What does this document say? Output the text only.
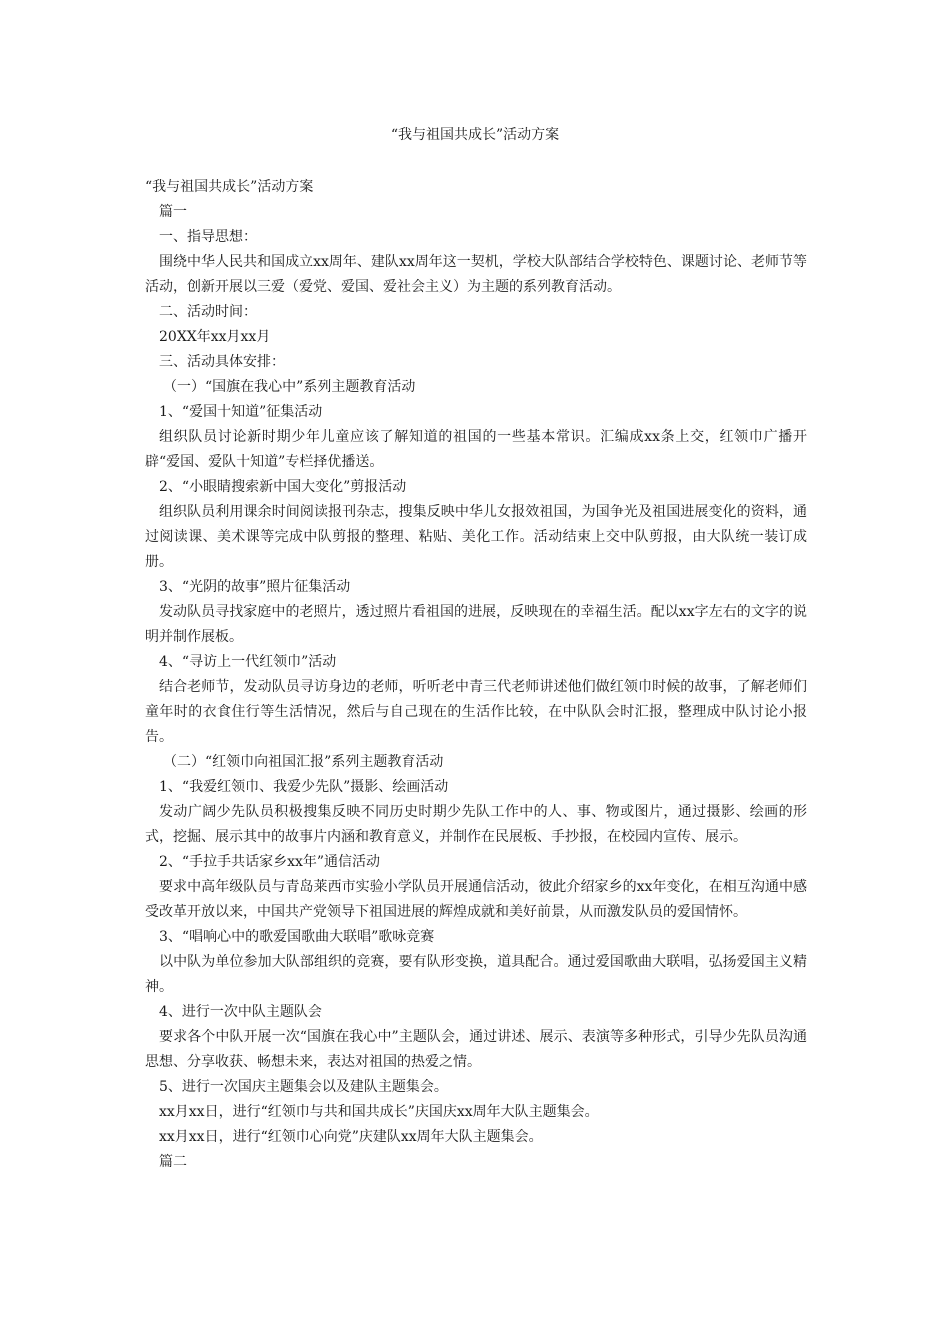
“我与祖国共成长”活动方案

“我与祖国共成长”活动方案

篇一

一、指导思想：

围绕中华人民共和国成立xx周年、建队xx周年这一契机，学校大队部结合学校特色、课题讨论、老师节等活动，创新开展以三爱（爱党、爱国、爱社会主义）为主题的系列教育活动。

二、活动时间：

20XX年xx月xx月

三、活动具体安排：

（一）“国旗在我心中”系列主题教育活动

1、“爱国十知道”征集活动

组织队员讨论新时期少年儿童应该了解知道的祖国的一些基本常识。汇编成xx条上交，红领巾广播开辟“爱国、爱队十知道”专栏择优播送。

2、“小眼睛搜索新中国大变化”剪报活动

组织队员利用课余时间阅读报刊杂志，搜集反映中华儿女报效祖国，为国争光及祖国进展变化的资料，通过阅读课、美术课等完成中队剪报的整理、粘贴、美化工作。活动结束上交中队剪报，由大队统一装订成册。

3、“光阴的故事”照片征集活动

发动队员寻找家庭中的老照片，透过照片看祖国的进展，反映现在的幸福生活。配以xx字左右的文字的说明并制作展板。

4、“寻访上一代红领巾”活动

结合老师节，发动队员寻访身边的老师，听听老中青三代老师讲述他们做红领巾时候的故事，了解老师们童年时的衣食住行等生活情况，然后与自己现在的生活作比较，在中队队会时汇报，整理成中队讨论小报告。

（二）“红领巾向祖国汇报”系列主题教育活动

1、“我爱红领巾、我爱少先队”摄影、绘画活动

发动广阔少先队员积极搜集反映不同历史时期少先队工作中的人、事、物或图片，通过摄影、绘画的形式，挖掘、展示其中的故事片内涵和教育意义，并制作在民展板、手抄报，在校园内宣传、展示。

2、“手拉手共话家乡xx年”通信活动

要求中高年级队员与青岛莱西市实验小学队员开展通信活动，彼此介绍家乡的xx年变化，在相互沟通中感受改革开放以来，中国共产党领导下祖国进展的辉煌成就和美好前景，从而激发队员的爱国情怀。

3、“唱响心中的歌爱国歌曲大联唱”歌咏竞赛

以中队为单位参加大队部组织的竞赛，要有队形变换，道具配合。通过爱国歌曲大联唱，弘扬爱国主义精神。

4、进行一次中队主题队会

要求各个中队开展一次“国旗在我心中”主题队会，通过讲述、展示、表演等多种形式，引导少先队员沟通思想、分享收获、畅想未来，表达对祖国的热爱之情。

5、进行一次国庆主题集会以及建队主题集会。

xx月xx日，进行“红领巾与共和国共成长”庆国庆xx周年大队主题集会。

xx月xx日，进行“红领巾心向党”庆建队xx周年大队主题集会。

篇二
